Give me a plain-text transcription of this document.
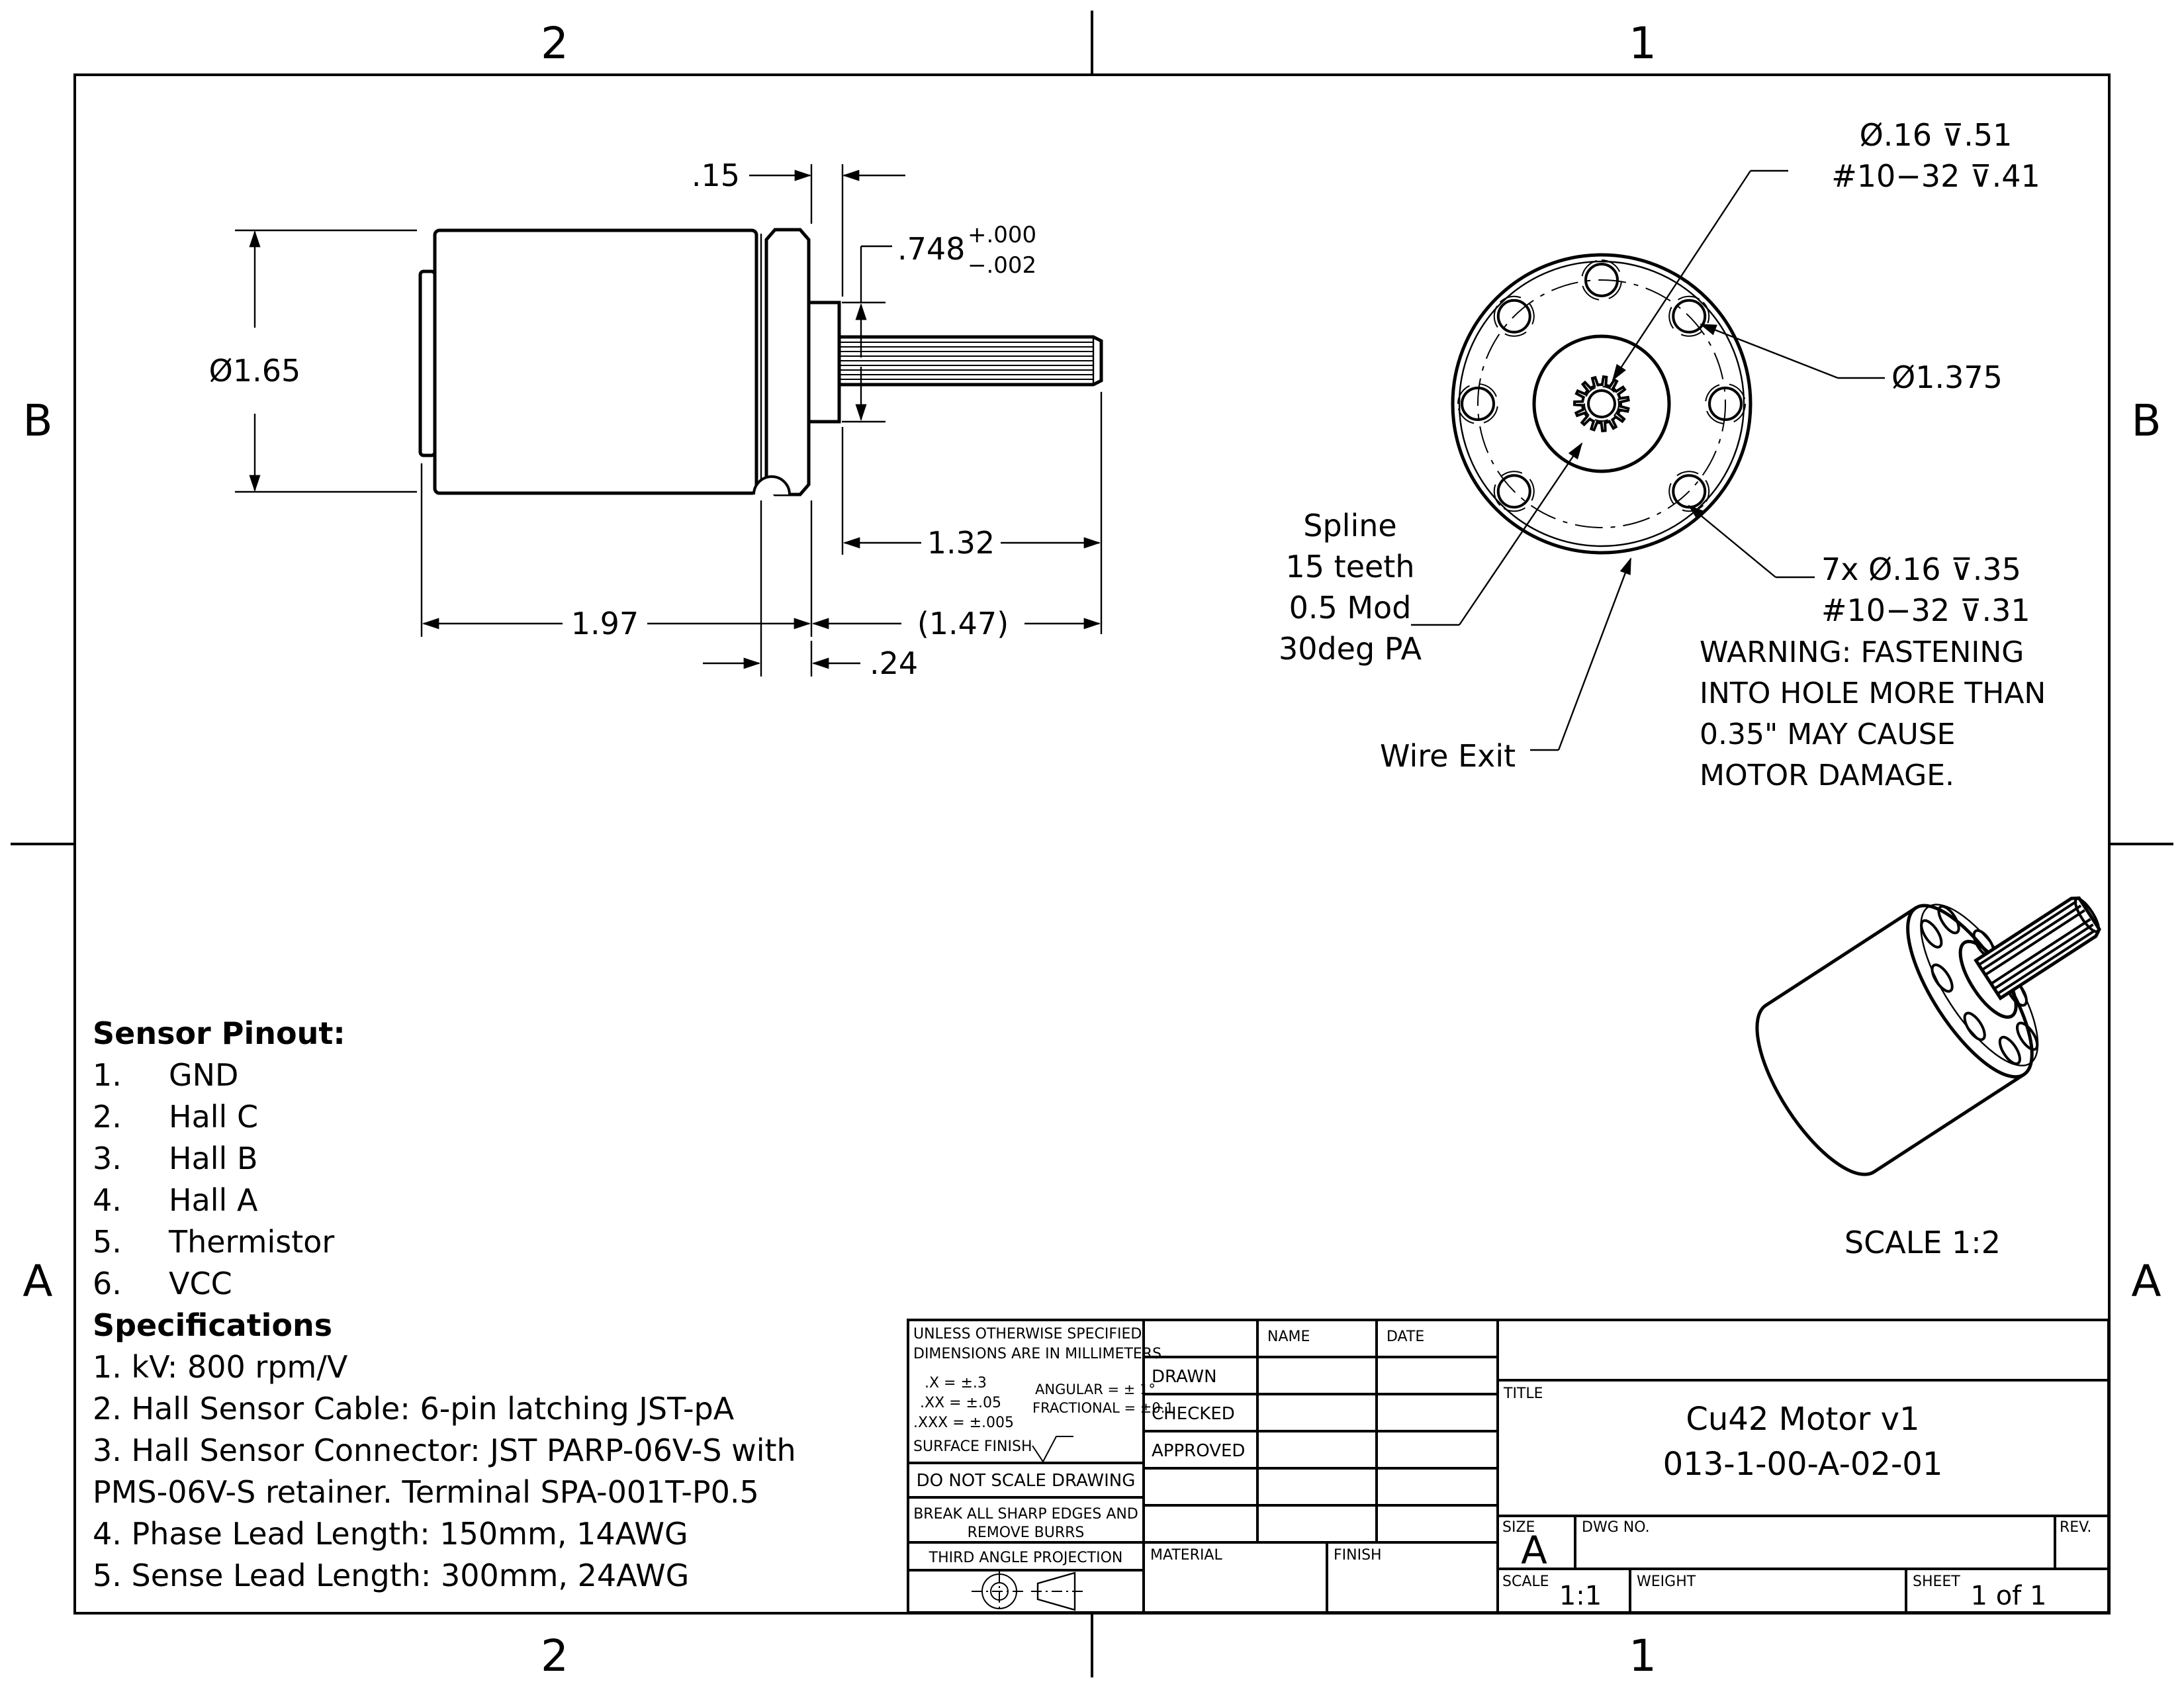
2	1
2	1
B
A
B
A
Ø1.65
.15
.748 +.000
−.002
1.32
1.97	(1.47)
.24
Ø.16 ⊽.51
#10−32 ⊽.41
Ø1.375
7x Ø.16 ⊽.35
#10−32 ⊽.31
Spline
15 teeth
0.5 Mod
30deg PA
Wire Exit
WARNING: FASTENING
INTO HOLE MORE THAN
0.35" MAY CAUSE
MOTOR DAMAGE.
SCALE 1:2
Sensor Pinout:
1. GND
2. Hall C
3. Hall B
4. Hall A
5. Thermistor
6. VCC
Specifications
1. kV: 800 rpm/V
2. Hall Sensor Cable: 6-pin latching JST-pA
3. Hall Sensor Connector: JST PARP-06V-S with
PMS-06V-S retainer. Terminal SPA-001T-P0.5
4. Phase Lead Length: 150mm, 14AWG
5. Sense Lead Length: 300mm, 24AWG
UNLESS OTHERWISE SPECIFIED,
DIMENSIONS ARE IN MILLIMETERS
.X = ±.3
.XX = ±.05
.XXX = ±.005
ANGULAR = ± 1°
FRACTIONAL = ±0.1
SURFACE FINISH
DO NOT SCALE DRAWING
BREAK ALL SHARP EDGES AND
REMOVE BURRS
THIRD ANGLE PROJECTION
NAME	DATE
DRAWN
CHECKED
APPROVED
MATERIAL	FINISH
TITLE
Cu42 Motor v1
013-1-00-A-02-01
SIZE
A
DWG NO.	REV.
SCALE 1:1 WEIGHT	SHEET 1 of 1
